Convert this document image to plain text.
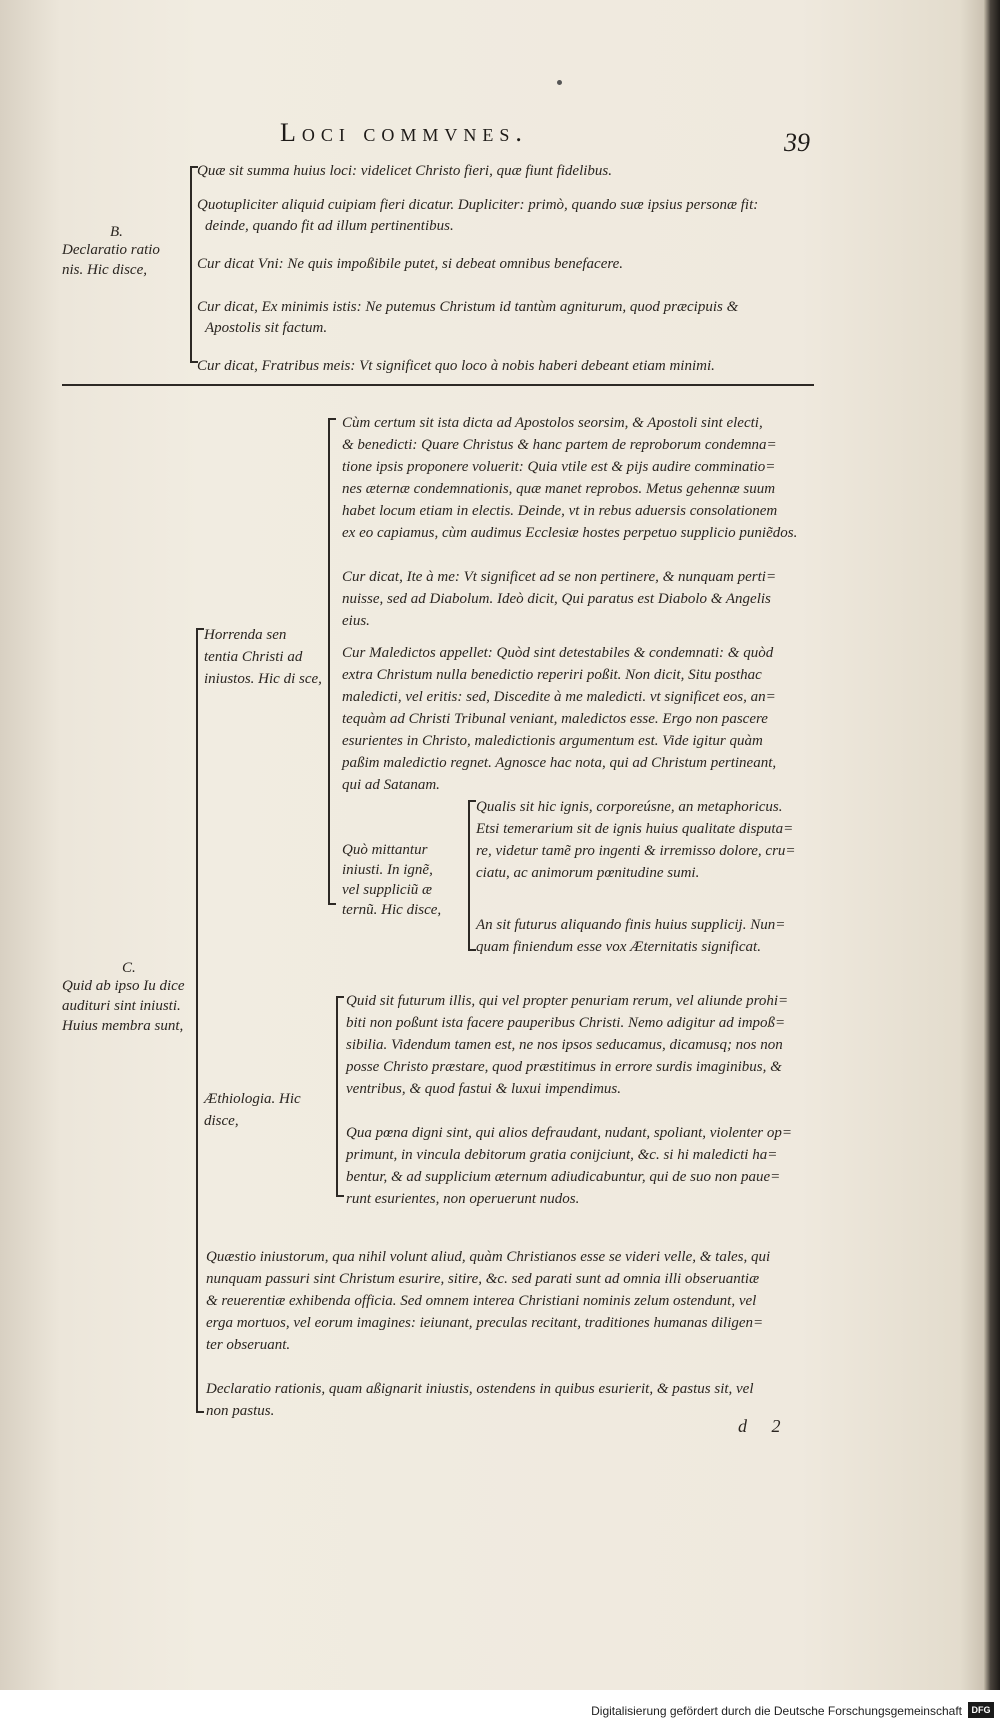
Loci commvnes.	39
B.
Declaratio ratio nis. Hic disce,
Quæ sit summa huius loci: videlicet Christo fieri, quæ fiunt fidelibus.
Quotupliciter aliquid cuipiam fieri dicatur. Dupliciter: primò, quando suæ ipsius personæ fit:
deinde, quando fit ad illum pertinentibus.
Cur dicat Vni: Ne quis impoßibile putet, si debeat omnibus benefacere.
Cur dicat, Ex minimis istis: Ne putemus Christum id tantùm agniturum, quod præcipuis &
Apostolis sit factum.
Cur dicat, Fratribus meis: Vt significet quo loco à nobis haberi debeant etiam minimi.
C.
Quid ab ipso Iu dice audituri sint iniusti. Huius membra sunt,
Horrenda sen tentia Christi ad iniustos. Hic di sce,
Cùm certum sit ista dicta ad Apostolos seorsim, & Apostoli sint electi,
& benedicti: Quare Christus & hanc partem de reproborum condemna=
tione ipsis proponere voluerit: Quia vtile est & pijs audire comminatio=
nes æternæ condemnationis, quæ manet reprobos. Metus gehennæ suum
habet locum etiam in electis. Deinde, vt in rebus aduersis consolationem
ex eo capiamus, cùm audimus Ecclesiæ hostes perpetuo supplicio puniẽdos.
Cur dicat, Ite à me: Vt significet ad se non pertinere, & nunquam perti=
nuisse, sed ad Diabolum. Ideò dicit, Qui paratus est Diabolo & Angelis
eius.
Cur Maledictos appellet: Quòd sint detestabiles & condemnati: & quòd
extra Christum nulla benedictio reperiri poßit. Non dicit, Situ posthac
maledicti, vel eritis: sed, Discedite à me maledicti. vt significet eos, an=
tequàm ad Christi Tribunal veniant, maledictos esse. Ergo non pascere
esurientes in Christo, maledictionis argumentum est. Vide igitur quàm
paßim maledictio regnet. Agnosce hac nota, qui ad Christum pertineant,
qui ad Satanam.
Quò mittantur iniusti. In ignẽ, vel suppliciũ æ ternũ. Hic disce,
Qualis sit hic ignis, corporeúsne, an metaphoricus.
Etsi temerarium sit de ignis huius qualitate disputa=
re, videtur tamẽ pro ingenti & irremisso dolore, cru=
ciatu, ac animorum pœnitudine sumi.
An sit futurus aliquando finis huius supplicij. Nun=
quam finiendum esse vox Æternitatis significat.
Æthiologia. Hic disce,
Quid sit futurum illis, qui vel propter penuriam rerum, vel aliunde prohi=
biti non poßunt ista facere pauperibus Christi. Nemo adigitur ad impoß=
sibilia. Videndum tamen est, ne nos ipsos seducamus, dicamusq; nos non
posse Christo præstare, quod præstitimus in errore surdis imaginibus, &
ventribus, & quod fastui & luxui impendimus.
Qua pœna digni sint, qui alios defraudant, nudant, spoliant, violenter op=
primunt, in vincula debitorum gratia conijciunt, &c. si hi maledicti ha=
bentur, & ad supplicium æternum adiudicabuntur, qui de suo non paue=
runt esurientes, non operuerunt nudos.
Quæstio iniustorum, qua nihil volunt aliud, quàm Christianos esse se videri velle, & tales, qui
nunquam passuri sint Christum esurire, sitire, &c. sed parati sunt ad omnia illi obseruantiæ
& reuerentiæ exhibenda officia. Sed omnem interea Christiani nominis zelum ostendunt, vel
erga mortuos, vel eorum imagines: ieiunant, preculas recitant, traditiones humanas diligen=
ter obseruant.
Declaratio rationis, quam aßignarit iniustis, ostendens in quibus esurierit, & pastus sit, vel
non pastus.
d 2
Digitalisierung gefördert durch die Deutsche Forschungsgemeinschaft	DFG
